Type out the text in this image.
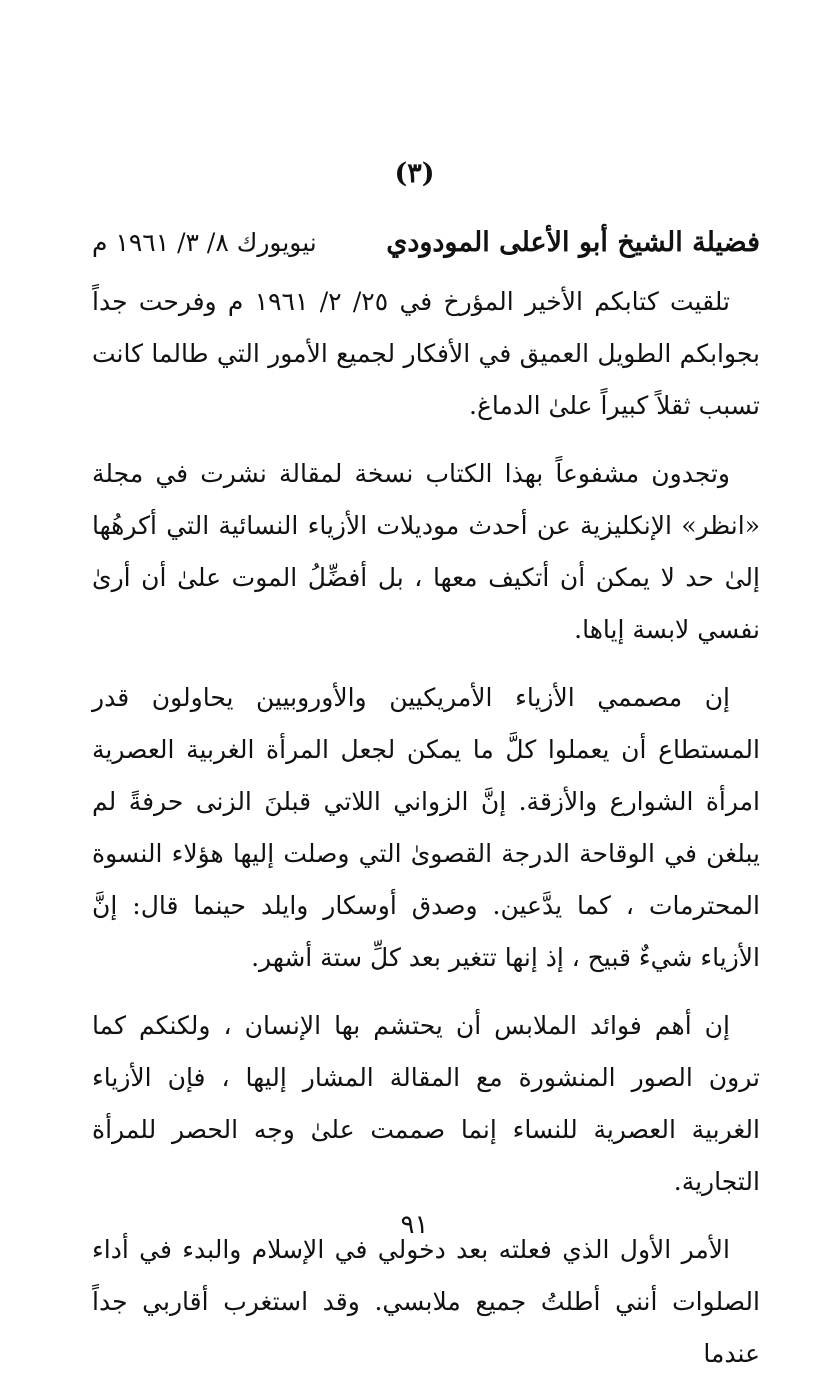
(٣)
فضيلة الشيخ أبو الأعلى المودودي
نيويورك ٨/ ٣/ ١٩٦١ م

تلقيت كتابكم الأخير المؤرخ في ٢٥/ ٢/ ١٩٦١ م وفرحت جداً بجوابكم الطويل العميق في الأفكار لجميع الأمور التي طالما كانت تسبب ثقلاً كبيراً علىٰ الدماغ.

وتجدون مشفوعاً بهذا الكتاب نسخة لمقالة نشرت في مجلة «انظر» الإنكليزية عن أحدث موديلات الأزياء النسائية التي أكرهُها إلىٰ حد لا يمكن أن أتكيف معها ، بل أفضِّلُ الموت علىٰ أن أرىٰ نفسي لابسة إياها.

إن مصممي الأزياء الأمريكيين والأوروبيين يحاولون قدر المستطاع أن يعملوا كلَّ ما يمكن لجعل المرأة الغربية العصرية امرأة الشوارع والأزقة. إنَّ الزواني اللاتي قبلنَ الزنى حرفةً لم يبلغن في الوقاحة الدرجة القصوىٰ التي وصلت إليها هؤلاء النسوة المحترمات ، كما يدَّعين. وصدق أوسكار وايلد حينما قال: إنَّ الأزياء شيءٌ قبيح ، إذ إنها تتغير بعد كلِّ ستة أشهر.

إن أهم فوائد الملابس أن يحتشم بها الإنسان ، ولكنكم كما ترون الصور المنشورة مع المقالة المشار إليها ، فإن الأزياء الغربية العصرية للنساء إنما صممت علىٰ وجه الحصر للمرأة التجارية.

الأمر الأول الذي فعلته بعد دخولي في الإسلام والبدء في أداء الصلوات أنني أطلتُ جميع ملابسي. وقد استغرب أقاربي جداً عندما

٩١
